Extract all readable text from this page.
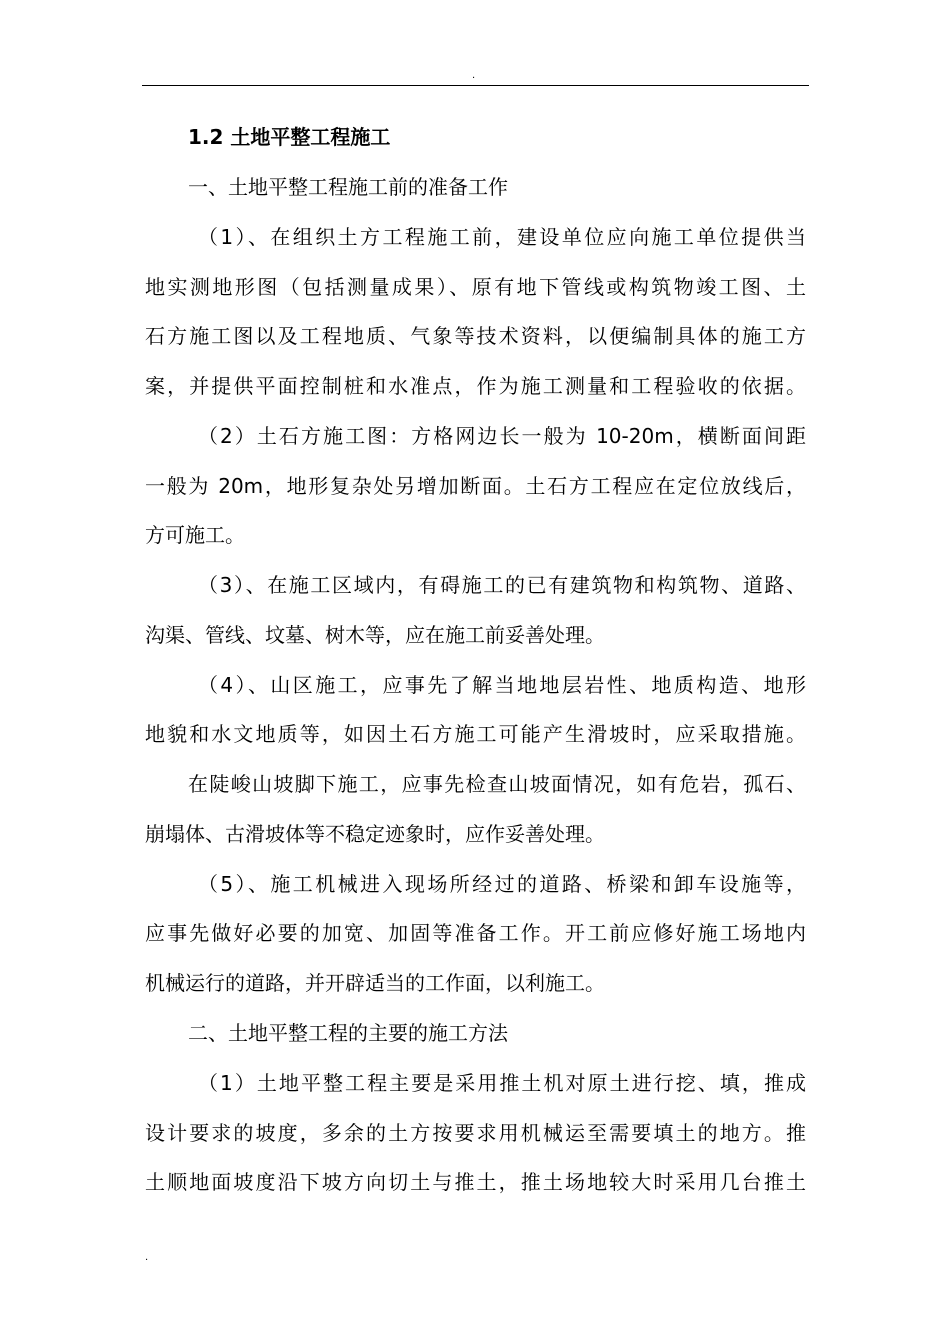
.
1.2 土地平整工程施工
一、土地平整工程施工前的准备工作
（1）、在组织土方工程施工前，建设单位应向施工单位提供当
地实测地形图（包括测量成果）、原有地下管线或构筑物竣工图、土
石方施工图以及工程地质、气象等技术资料，以便编制具体的施工方
案，并提供平面控制桩和水准点，作为施工测量和工程验收的依据。
（2）土石方施工图：方格网边长一般为 10-20m，横断面间距
一般为 20m，地形复杂处另增加断面。土石方工程应在定位放线后，
方可施工。
（3）、在施工区域内，有碍施工的已有建筑物和构筑物、道路、
沟渠、管线、坟墓、树木等，应在施工前妥善处理。
（4）、山区施工，应事先了解当地地层岩性、地质构造、地形
地貌和水文地质等，如因土石方施工可能产生滑坡时，应采取措施。
在陡峻山坡脚下施工，应事先检查山坡面情况，如有危岩，孤石、
崩塌体、古滑坡体等不稳定迹象时，应作妥善处理。
（5）、施工机械进入现场所经过的道路、桥梁和卸车设施等，
应事先做好必要的加宽、加固等准备工作。开工前应修好施工场地内
机械运行的道路，并开辟适当的工作面，以利施工。
二、土地平整工程的主要的施工方法
（1）土地平整工程主要是采用推土机对原土进行挖、填，推成
设计要求的坡度，多余的土方按要求用机械运至需要填土的地方。推
土顺地面坡度沿下坡方向切土与推土，推土场地较大时采用几台推土
.
